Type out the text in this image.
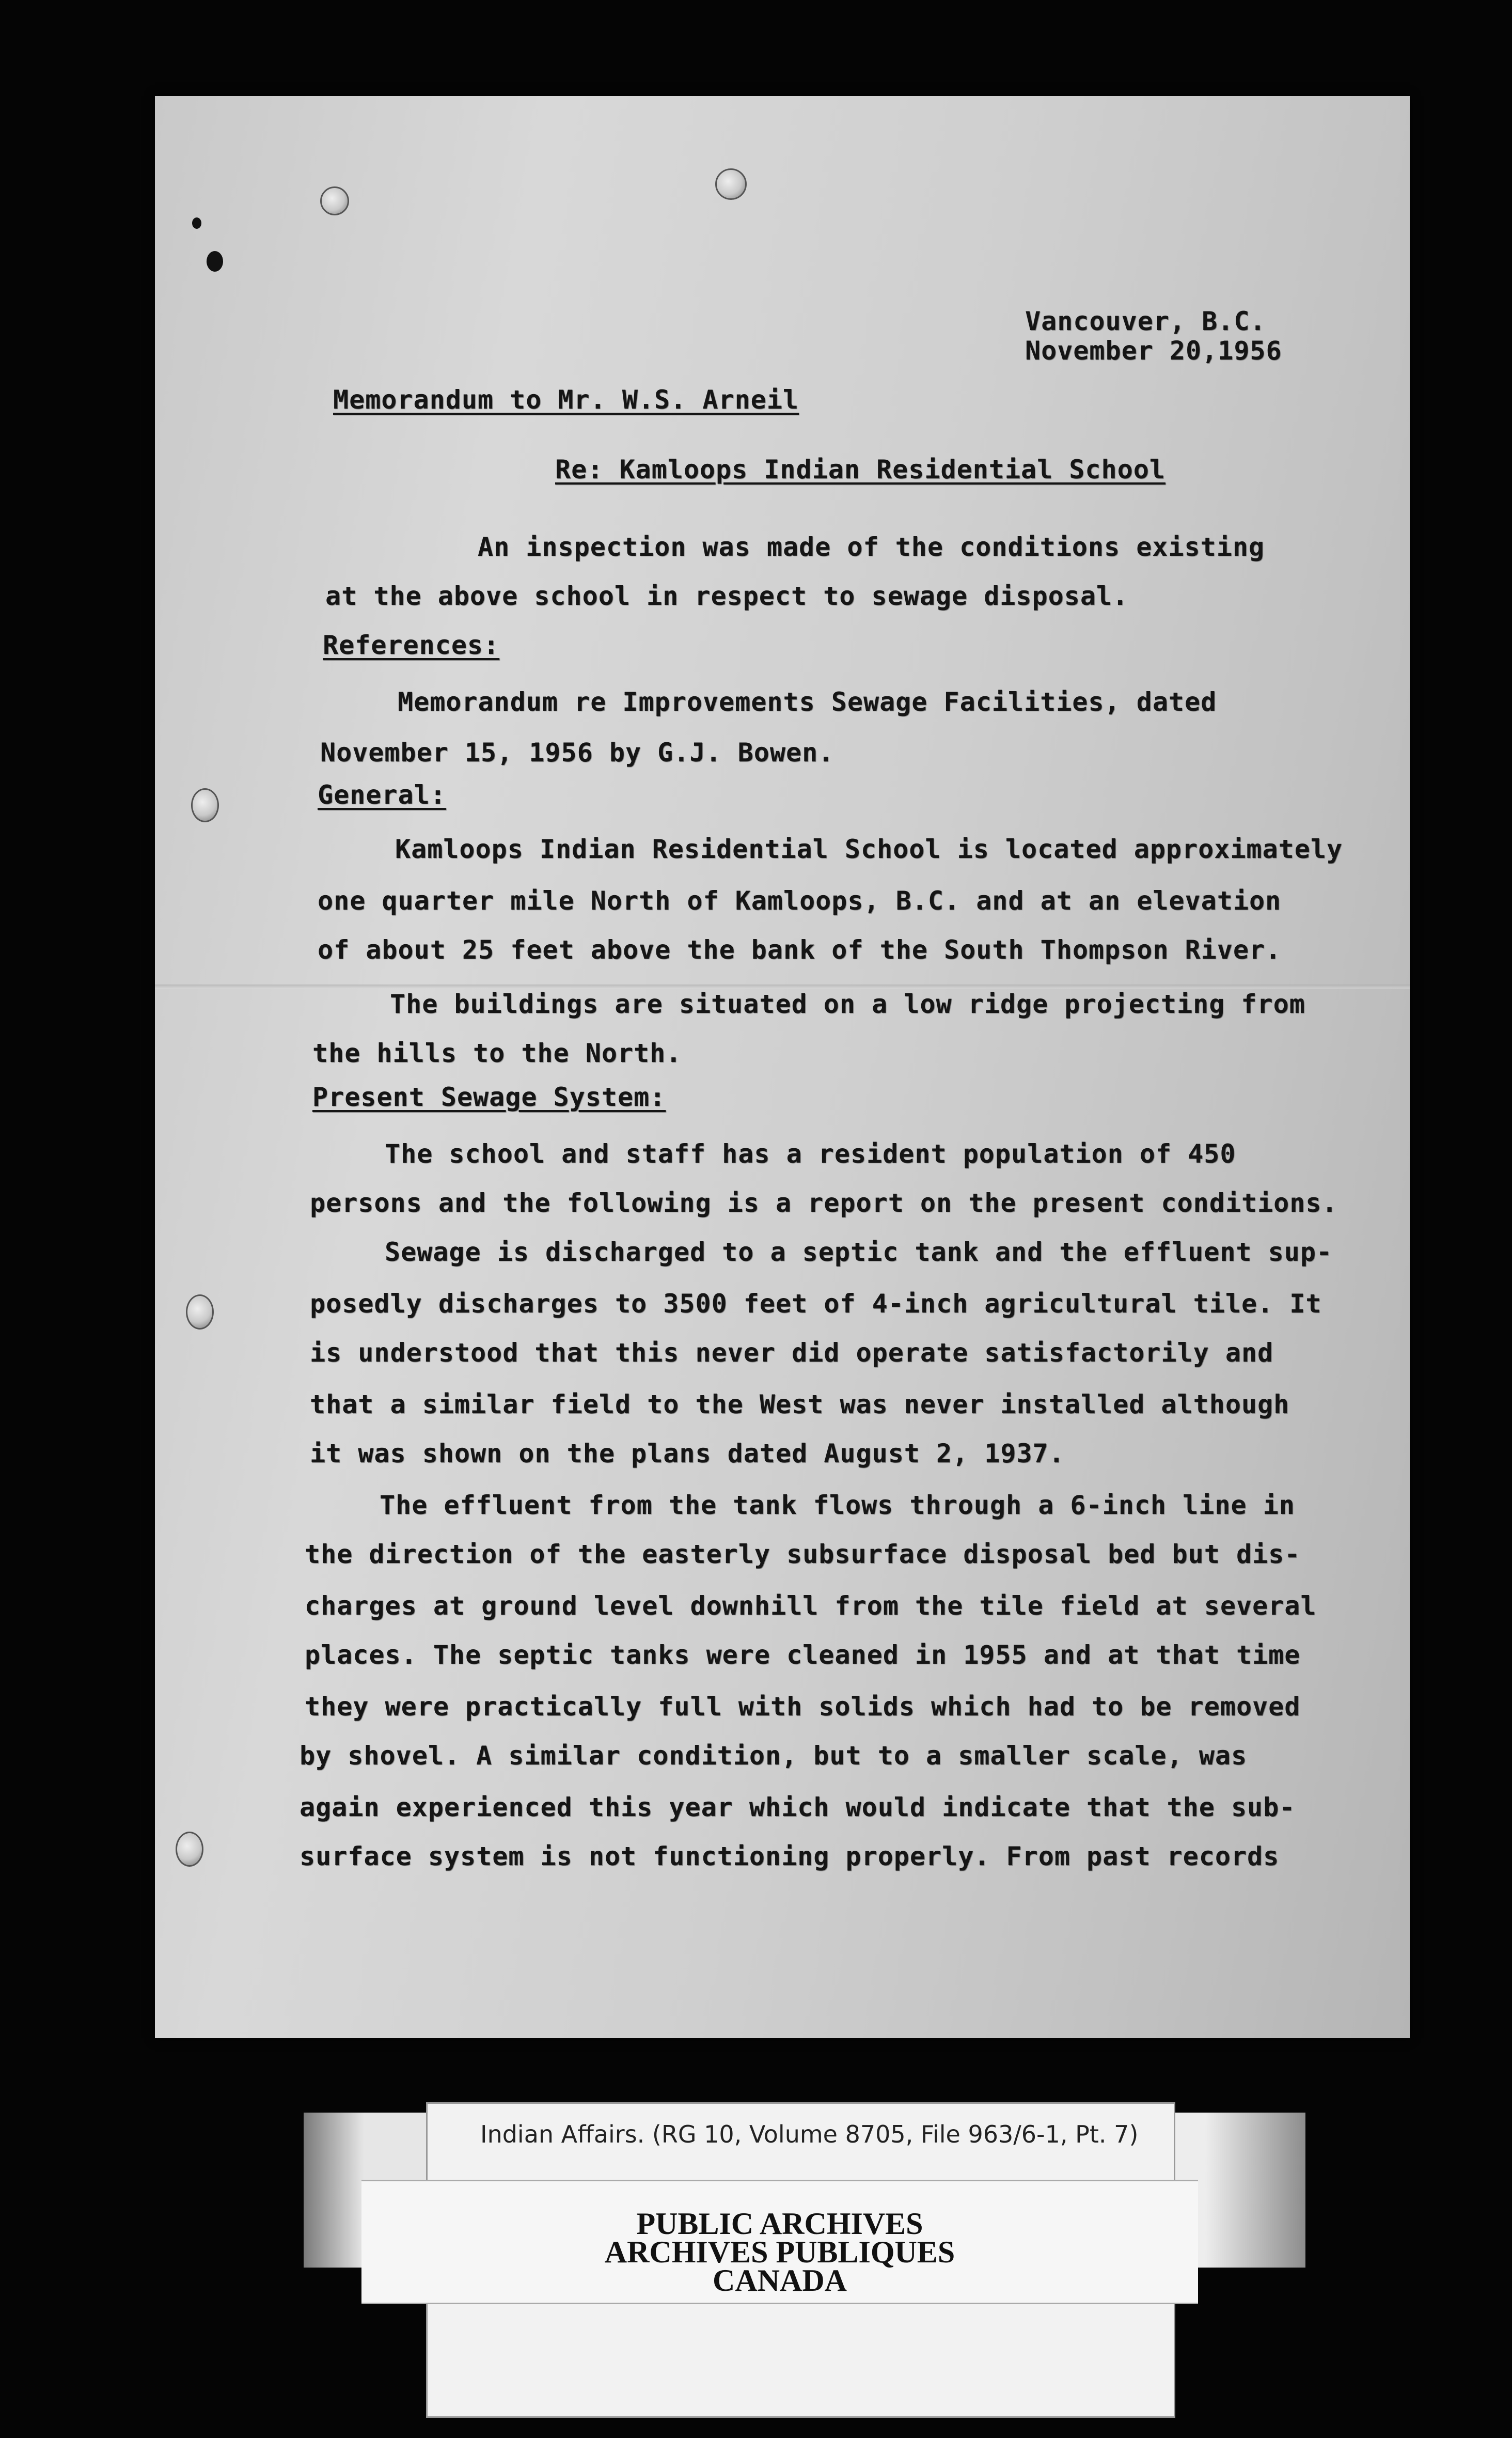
Vancouver, B.C.
November 20,1956
Memorandum to Mr. W.S. Arneil
Re: Kamloops Indian Residential School
An inspection was made of the conditions existing
at the above school in respect to sewage disposal.
References:
Memorandum re Improvements Sewage Facilities, dated
November 15, 1956 by G.J. Bowen.
General:
Kamloops Indian Residential School is located approximately
one quarter mile North of Kamloops, B.C. and at an elevation
of about 25 feet above the bank of the South Thompson River.
The buildings are situated on a low ridge projecting from
the hills to the North.
Present Sewage System:
The school and staff has a resident population of 450
persons and the following is a report on the present conditions.
Sewage is discharged to a septic tank and the effluent sup-
posedly discharges to 3500 feet of 4-inch agricultural tile. It
is understood that this never did operate satisfactorily and
that a similar field to the West was never installed although
it was shown on the plans dated August 2, 1937.
The effluent from the tank flows through a 6-inch line in
the direction of the easterly subsurface disposal bed but dis-
charges at ground level downhill from the tile field at several
places. The septic tanks were cleaned in 1955 and at that time
they were practically full with solids which had to be removed
by shovel. A similar condition, but to a smaller scale, was
again experienced this year which would indicate that the sub-
surface system is not functioning properly. From past records
Indian Affairs. (RG 10, Volume 8705, File 963/6-1, Pt. 7)
PUBLIC ARCHIVES
ARCHIVES PUBLIQUES
CANADA
